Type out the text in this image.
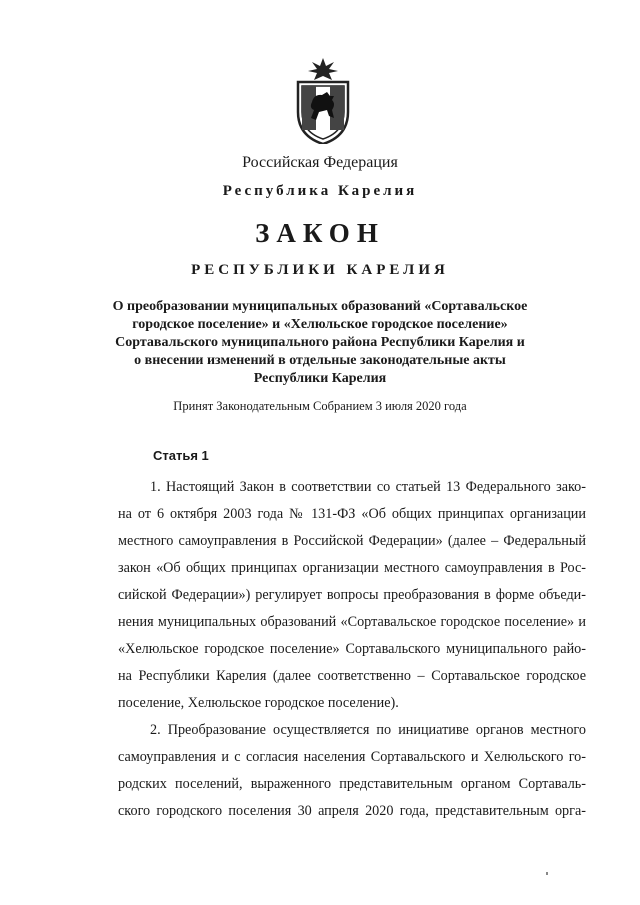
Российская Федерация
Республика Карелия
ЗАКОН
РЕСПУБЛИКИ КАРЕЛИЯ
О преобразовании муниципальных образований «Сортавальское
городское поселение» и «Хелюльское городское поселение»
Сортавальского муниципального района Республики Карелия и
о внесении изменений в отдельные законодательные акты
Республики Карелия
Принят Законодательным Собранием 3 июля 2020 года
Статья 1
1. Настоящий Закон в соответствии со статьей 13 Федерального зако-
на от 6 октября 2003 года № 131-ФЗ «Об общих принципах организации
местного самоуправления в Российской Федерации» (далее – Федеральный
закон «Об общих принципах организации местного самоуправления в Рос-
сийской Федерации») регулирует вопросы преобразования в форме объеди-
нения муниципальных образований «Сортавальское городское поселение» и
«Хелюльское городское поселение» Сортавальского муниципального райо-
на Республики Карелия (далее соответственно – Сортавальское городское
поселение, Хелюльское городское поселение).
2. Преобразование осуществляется по инициативе органов местного
самоуправления и с согласия населения Сортавальского и Хелюльского го-
родских поселений, выраженного представительным органом Сортаваль-
ского городского поселения 30 апреля 2020 года, представительным орга-
